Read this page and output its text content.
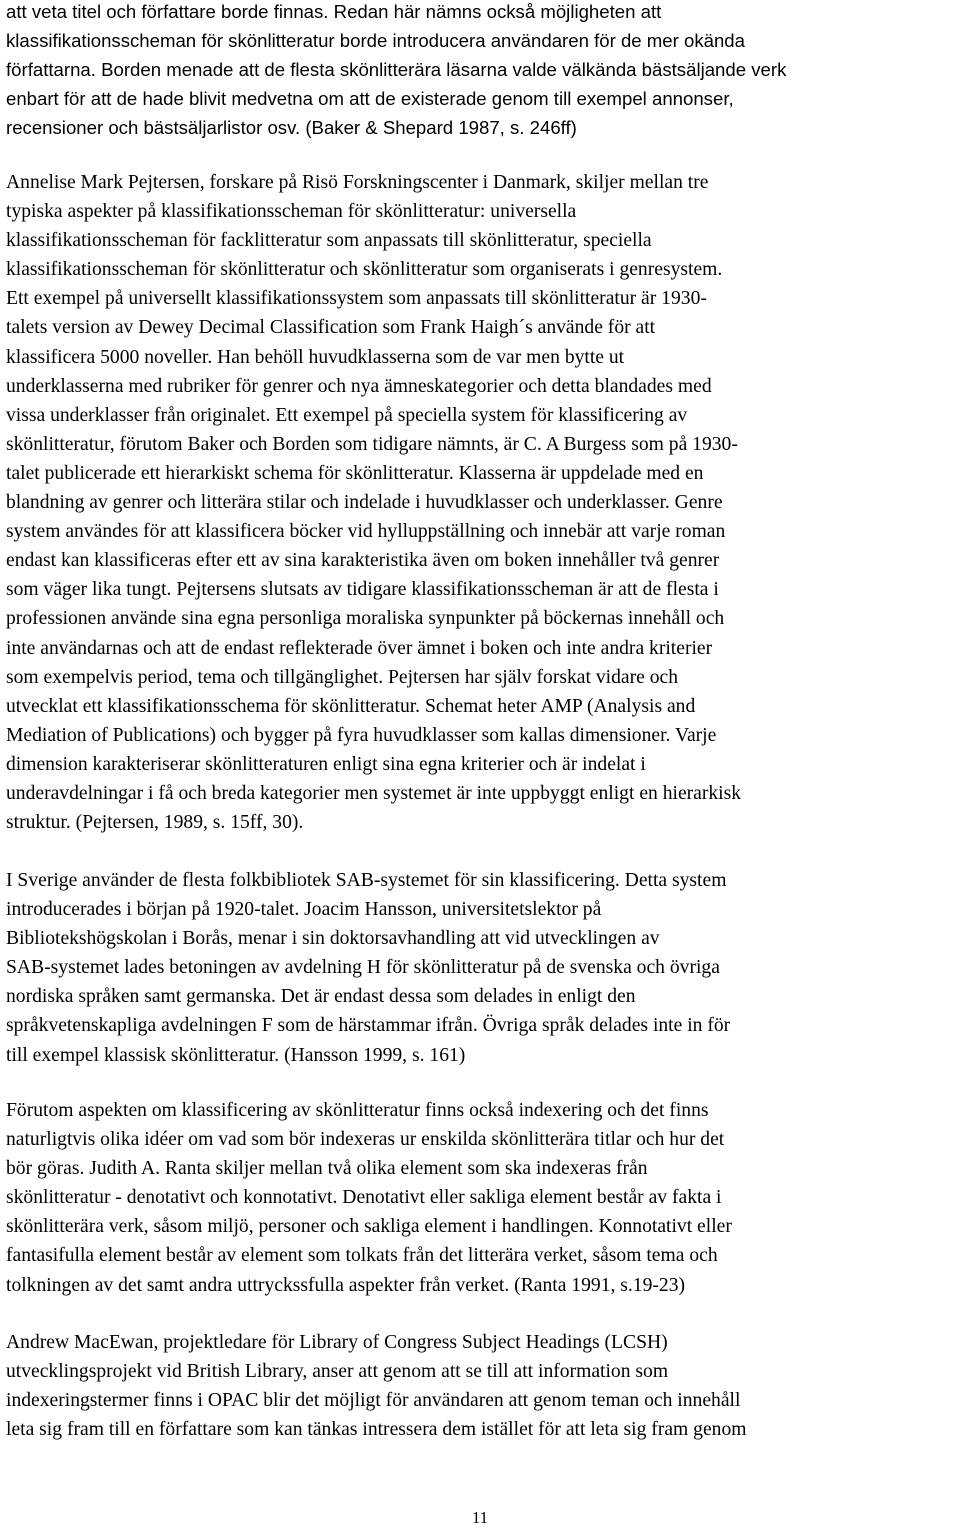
att veta titel och författare borde finnas. Redan här nämns också möjligheten att
klassifikationsscheman för skönlitteratur borde introducera användaren för de mer okända
författarna. Borden menade att de flesta skönlitterära läsarna valde välkända bästsäljande verk
enbart för att de hade blivit medvetna om att de existerade genom till exempel annonser,
recensioner och bästsäljarlistor osv. (Baker & Shepard 1987, s. 246ff)
Annelise Mark Pejtersen, forskare på Risö Forskningscenter i Danmark, skiljer mellan tre
typiska aspekter på klassifikationsscheman för skönlitteratur: universella
klassifikationsscheman för facklitteratur som anpassats till skönlitteratur, speciella
klassifikationsscheman för skönlitteratur och skönlitteratur som organiserats i genresystem.
Ett exempel på universellt klassifikationssystem som anpassats till skönlitteratur är 1930-
talets version av Dewey Decimal Classification som Frank Haigh´s använde för att
klassificera 5000 noveller. Han behöll huvudklasserna som de var men bytte ut
underklasserna med rubriker för genrer och nya ämneskategorier och detta blandades med
vissa underklasser från originalet. Ett exempel på speciella system för klassificering av
skönlitteratur, förutom Baker och Borden som tidigare nämnts, är C. A Burgess som på 1930-
talet publicerade ett hierarkiskt schema för skönlitteratur. Klasserna är uppdelade med en
blandning av genrer och litterära stilar och indelade i huvudklasser och underklasser. Genre
system användes för att klassificera böcker vid hylluppställning och innebär att varje roman
endast kan klassificeras efter ett av sina karakteristika även om boken innehåller två genrer
som väger lika tungt. Pejtersens slutsats av tidigare klassifikationsscheman är att de flesta i
professionen använde sina egna personliga moraliska synpunkter på böckernas innehåll och
inte användarnas och att de endast reflekterade över ämnet i boken och inte andra kriterier
som exempelvis period, tema och tillgänglighet. Pejtersen har själv forskat vidare och
utvecklat ett klassifikationsschema för skönlitteratur. Schemat heter AMP (Analysis and
Mediation of Publications) och bygger på fyra huvudklasser som kallas dimensioner. Varje
dimension karakteriserar skönlitteraturen enligt sina egna kriterier och är indelat i
underavdelningar i få och breda kategorier men systemet är inte uppbyggt enligt en hierarkisk
struktur. (Pejtersen, 1989, s. 15ff, 30).
I Sverige använder de flesta folkbibliotek SAB-systemet för sin klassificering. Detta system
introducerades i början på 1920-talet. Joacim Hansson, universitetslektor på
Bibliotekshögskolan i Borås, menar i sin doktorsavhandling att vid utvecklingen av
SAB-systemet lades betoningen av avdelning H för skönlitteratur på de svenska och övriga
nordiska språken samt germanska. Det är endast dessa som delades in enligt den
språkvetenskapliga avdelningen F som de härstammar ifrån. Övriga språk delades inte in för
till exempel klassisk skönlitteratur. (Hansson 1999, s. 161)
Förutom aspekten om klassificering av skönlitteratur finns också indexering och det finns
naturligtvis olika idéer om vad som bör indexeras ur enskilda skönlitterära titlar och hur det
bör göras. Judith A. Ranta skiljer mellan två olika element som ska indexeras från
skönlitteratur - denotativt och konnotativt. Denotativt eller sakliga element består av fakta i
skönlitterära verk, såsom miljö, personer och sakliga element i handlingen. Konnotativt eller
fantasifulla element består av element som tolkats från det litterära verket, såsom tema och
tolkningen av det samt andra uttryckssfulla aspekter från verket. (Ranta 1991, s.19-23)
Andrew MacEwan, projektledare för Library of Congress Subject Headings (LCSH)
utvecklingsprojekt vid British Library, anser att genom att se till att information som
indexeringstermer finns i OPAC blir det möjligt för användaren att genom teman och innehåll
leta sig fram till en författare som kan tänkas intressera dem istället för att leta sig fram genom
11
